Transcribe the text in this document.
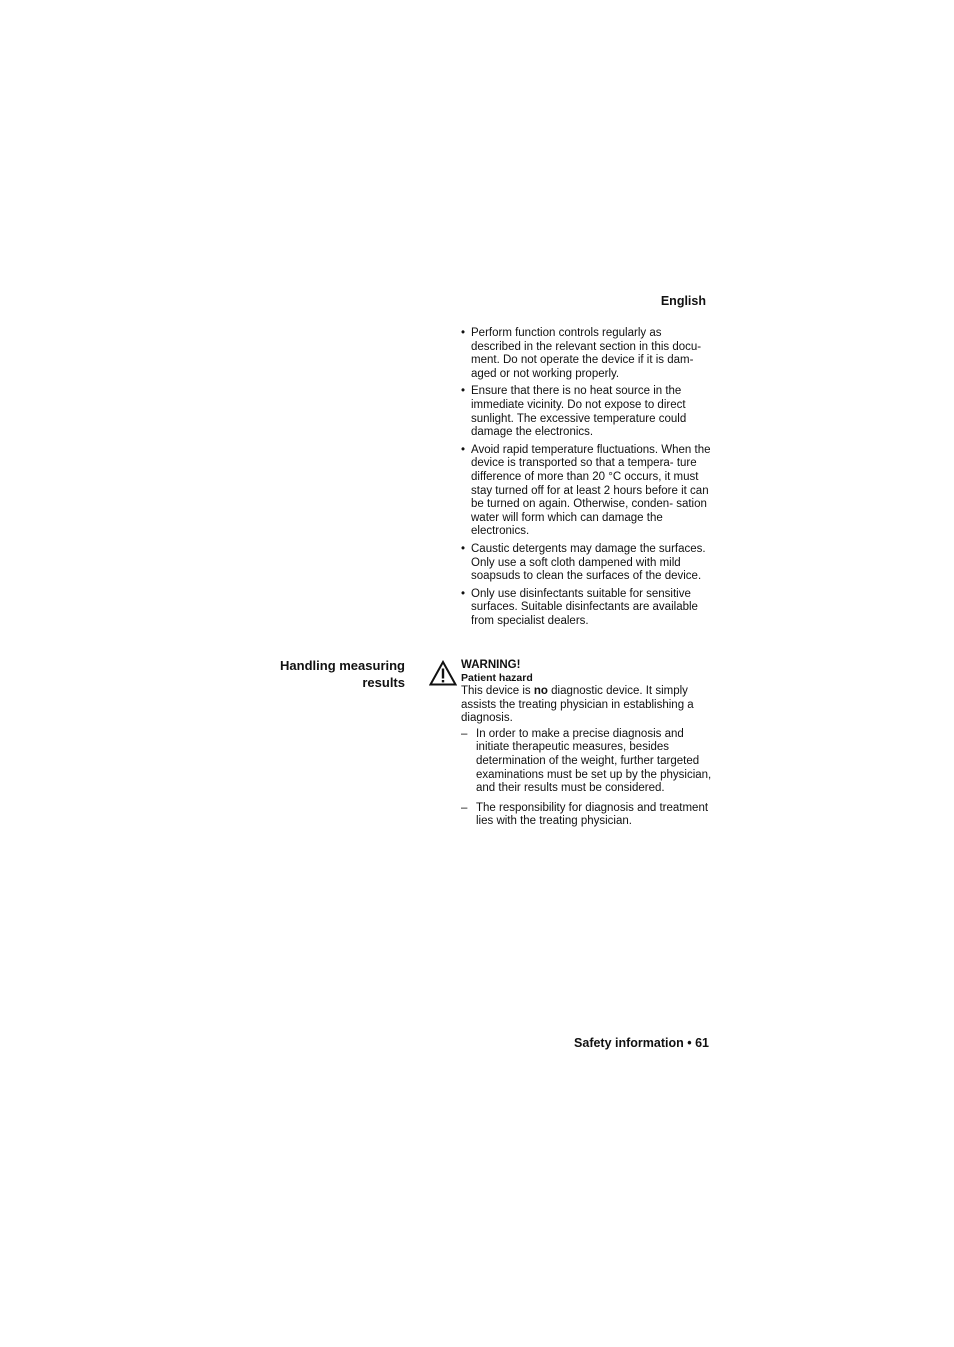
English
• Perform function controls regularly as described in the relevant section in this docu- ment. Do not operate the device if it is dam- aged or not working properly.
• Ensure that there is no heat source in the immediate vicinity. Do not expose to direct sunlight. The excessive temperature could damage the electronics.
• Avoid rapid temperature fluctuations. When the device is transported so that a tempera- ture difference of more than 20 °C occurs, it must stay turned off for at least 2 hours before it can be turned on again. Otherwise, conden- sation water will form which can damage the electronics.
• Caustic detergents may damage the surfaces. Only use a soft cloth dampened with mild soapsuds to clean the surfaces of the device.
• Only use disinfectants suitable for sensitive surfaces. Suitable disinfectants are available from specialist dealers.
Handling measuring
results
WARNING!
Patient hazard
This device is no diagnostic device. It simply assists the treating physician in establishing a diagnosis.
– In order to make a precise diagnosis and initiate therapeutic measures, besides determination of the weight, further targeted examinations must be set up by the physician, and their results must be considered.
– The responsibility for diagnosis and treatment lies with the treating physician.
Safety information • 61
